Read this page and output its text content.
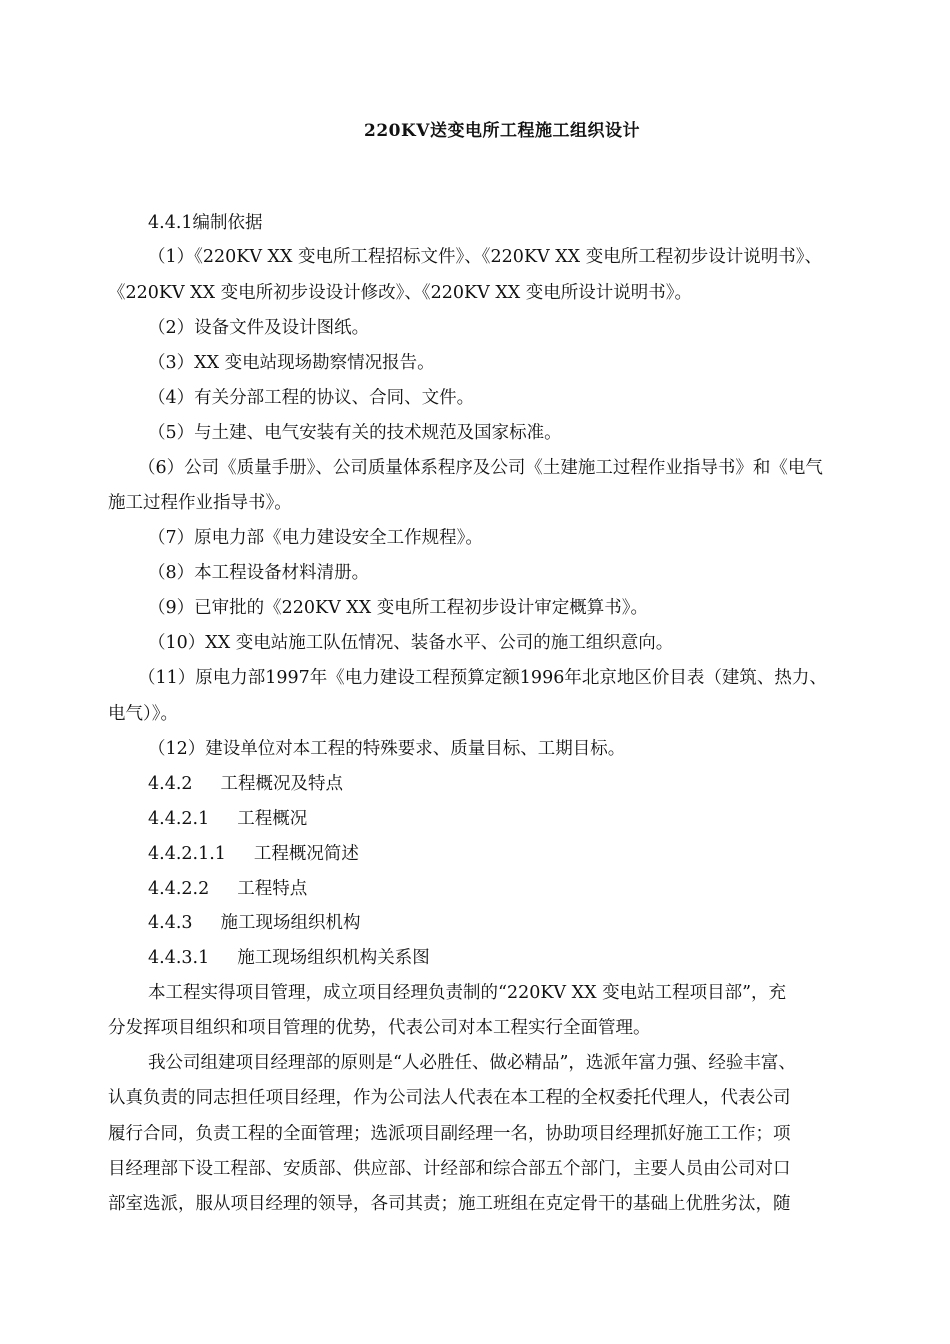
220KV送变电所工程施工组织设计
4.4.1编制依据
（1）《220KV XX 变电所工程招标文件》、《220KV XX 变电所工程初步设计说明书》、
《220KV XX 变电所初步设设计修改》、《220KV XX 变电所设计说明书》。
（2）设备文件及设计图纸。
（3）XX 变电站现场勘察情况报告。
（4）有关分部工程的协议、合同、文件。
（5）与土建、电气安装有关的技术规范及国家标准。
（6）公司《质量手册》、公司质量体系程序及公司《土建施工过程作业指导书》和《电气
施工过程作业指导书》。
（7）原电力部《电力建设安全工作规程》。
（8）本工程设备材料清册。
（9）已审批的《220KV XX 变电所工程初步设计审定概算书》。
（10）XX 变电站施工队伍情况、装备水平、公司的施工组织意向。
（11）原电力部1997年《电力建设工程预算定额1996年北京地区价目表（建筑、热力、
电气）》。
（12）建设单位对本工程的特殊要求、质量目标、工期目标。
4.4.2 工程概况及特点
4.4.2.1 工程概况
4.4.2.1.1 工程概况简述
4.4.2.2 工程特点
4.4.3 施工现场组织机构
4.4.3.1 施工现场组织机构关系图
本工程实得项目管理，成立项目经理负责制的“220KV XX 变电站工程项目部”，充
分发挥项目组织和项目管理的优势，代表公司对本工程实行全面管理。
我公司组建项目经理部的原则是“人必胜任、做必精品”，选派年富力强、经验丰富、
认真负责的同志担任项目经理，作为公司法人代表在本工程的全权委托代理人，代表公司
履行合同，负责工程的全面管理；选派项目副经理一名，协助项目经理抓好施工工作；项
目经理部下设工程部、安质部、供应部、计经部和综合部五个部门，主要人员由公司对口
部室选派，服从项目经理的领导，各司其责；施工班组在克定骨干的基础上优胜劣汰，随
